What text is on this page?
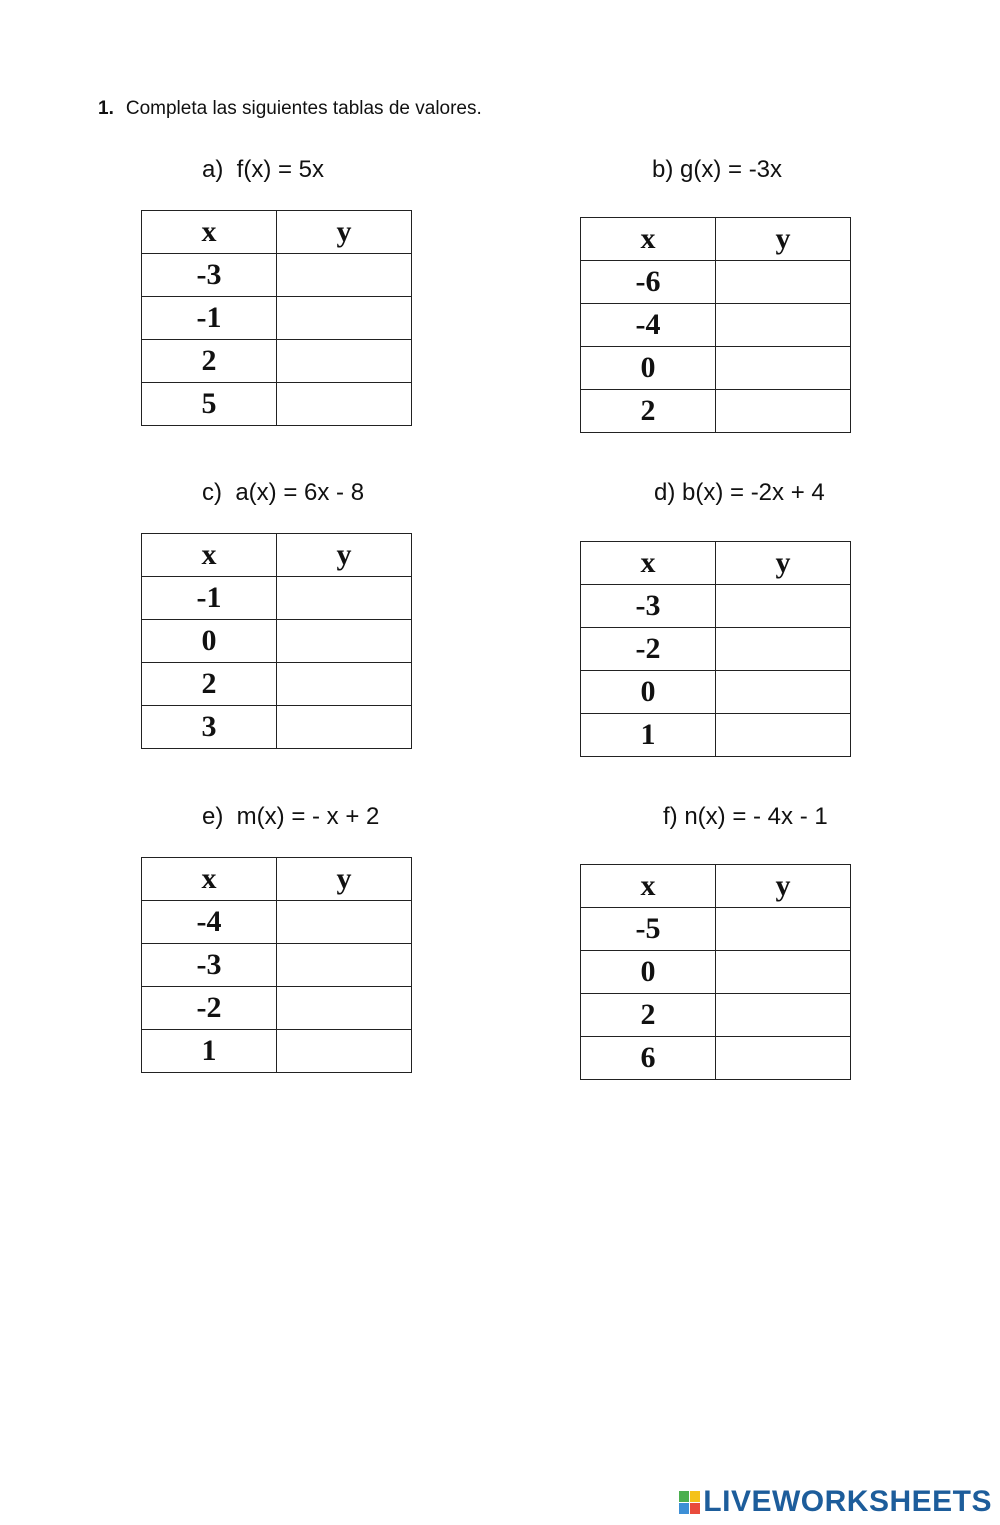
1. Completa las siguientes tablas de valores.
a)  f(x) = 5x
x	y
-3	
-1	
2	
5	
b) g(x) = -3x
x	y
-6	
-4	
0	
2	
c)  a(x) = 6x - 8
x	y
-1	
0	
2	
3	
d) b(x) = -2x + 4
x	y
-3	
-2	
0	
1	
e)  m(x) = - x + 2
x	y
-4	
-3	
-2	
1	
f) n(x) = - 4x - 1
x	y
-5	
0	
2	
6	
LIVEWORKSHEETS
